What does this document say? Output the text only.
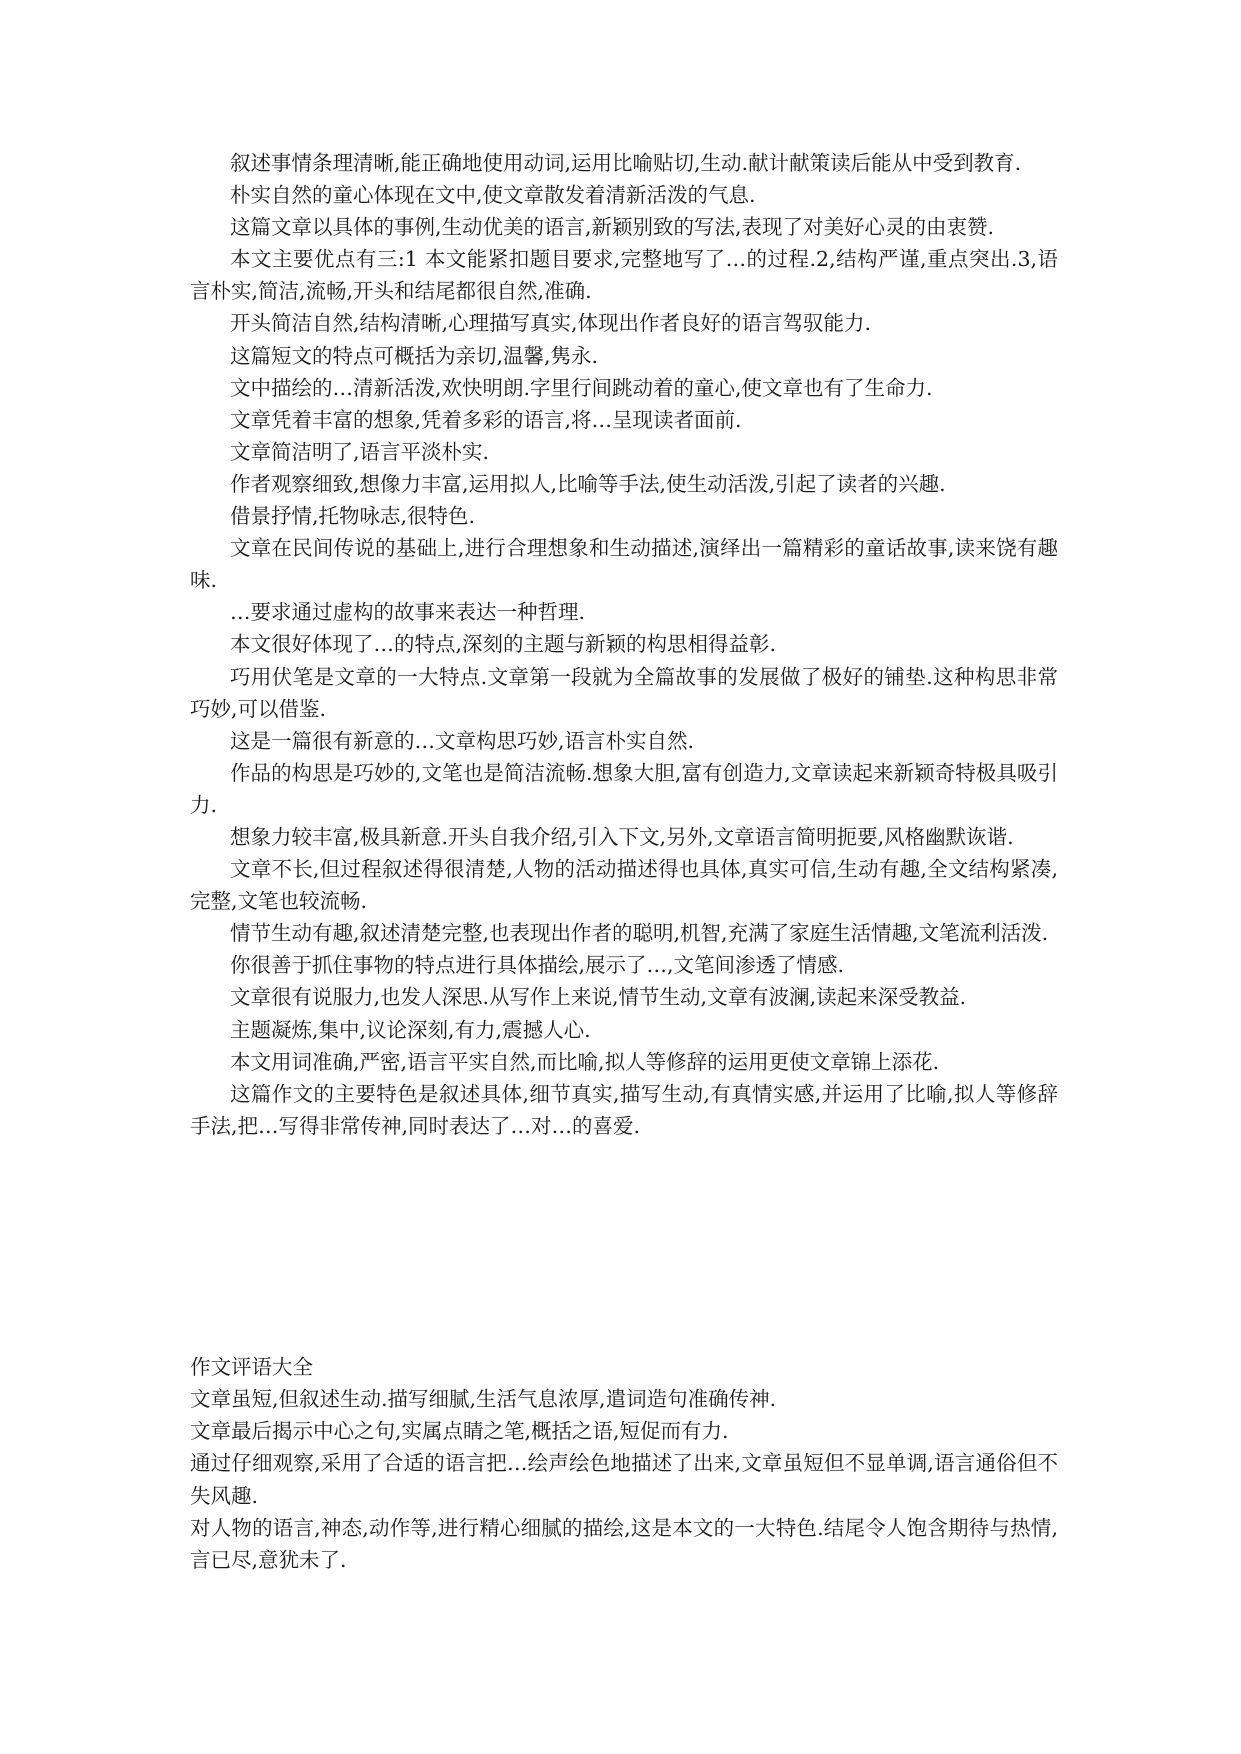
叙述事情条理清晰,能正确地使用动词,运用比喻贴切,生动.献计献策读后能从中受到教育.

朴实自然的童心体现在文中,使文章散发着清新活泼的气息.

这篇文章以具体的事例,生动优美的语言,新颖别致的写法,表现了对美好心灵的由衷赞.

本文主要优点有三:1 本文能紧扣题目要求,完整地写了…的过程.2,结构严谨,重点突出.3,语言朴实,简洁,流畅,开头和结尾都很自然,准确.

开头简洁自然,结构清晰,心理描写真实,体现出作者良好的语言驾驭能力.

这篇短文的特点可概括为亲切,温馨,隽永.

文中描绘的…清新活泼,欢快明朗.字里行间跳动着的童心,使文章也有了生命力.

文章凭着丰富的想象,凭着多彩的语言,将…呈现读者面前.

文章简洁明了,语言平淡朴实.

作者观察细致,想像力丰富,运用拟人,比喻等手法,使生动活泼,引起了读者的兴趣.

借景抒情,托物咏志,很特色.

文章在民间传说的基础上,进行合理想象和生动描述,演绎出一篇精彩的童话故事,读来饶有趣味.

…要求通过虚构的故事来表达一种哲理.

本文很好体现了…的特点,深刻的主题与新颖的构思相得益彰.

巧用伏笔是文章的一大特点.文章第一段就为全篇故事的发展做了极好的铺垫.这种构思非常巧妙,可以借鉴.

这是一篇很有新意的…文章构思巧妙,语言朴实自然.

作品的构思是巧妙的,文笔也是简洁流畅.想象大胆,富有创造力,文章读起来新颖奇特极具吸引力.

想象力较丰富,极具新意.开头自我介绍,引入下文,另外,文章语言简明扼要,风格幽默诙谐.

文章不长,但过程叙述得很清楚,人物的活动描述得也具体,真实可信,生动有趣,全文结构紧凑,完整,文笔也较流畅.

情节生动有趣,叙述清楚完整,也表现出作者的聪明,机智,充满了家庭生活情趣,文笔流利活泼.

你很善于抓住事物的特点进行具体描绘,展示了…,文笔间渗透了情感.

文章很有说服力,也发人深思.从写作上来说,情节生动,文章有波澜,读起来深受教益.

主题凝炼,集中,议论深刻,有力,震撼人心.

本文用词准确,严密,语言平实自然,而比喻,拟人等修辞的运用更使文章锦上添花.

这篇作文的主要特色是叙述具体,细节真实,描写生动,有真情实感,并运用了比喻,拟人等修辞手法,把…写得非常传神,同时表达了…对…的喜爱.

作文评语大全

文章虽短,但叙述生动.描写细腻,生活气息浓厚,遣词造句准确传神.

文章最后揭示中心之句,实属点睛之笔,概括之语,短促而有力.

通过仔细观察,采用了合适的语言把…绘声绘色地描述了出来,文章虽短但不显单调,语言通俗但不失风趣.

对人物的语言,神态,动作等,进行精心细腻的描绘,这是本文的一大特色.结尾令人饱含期待与热情,言已尽,意犹未了.
